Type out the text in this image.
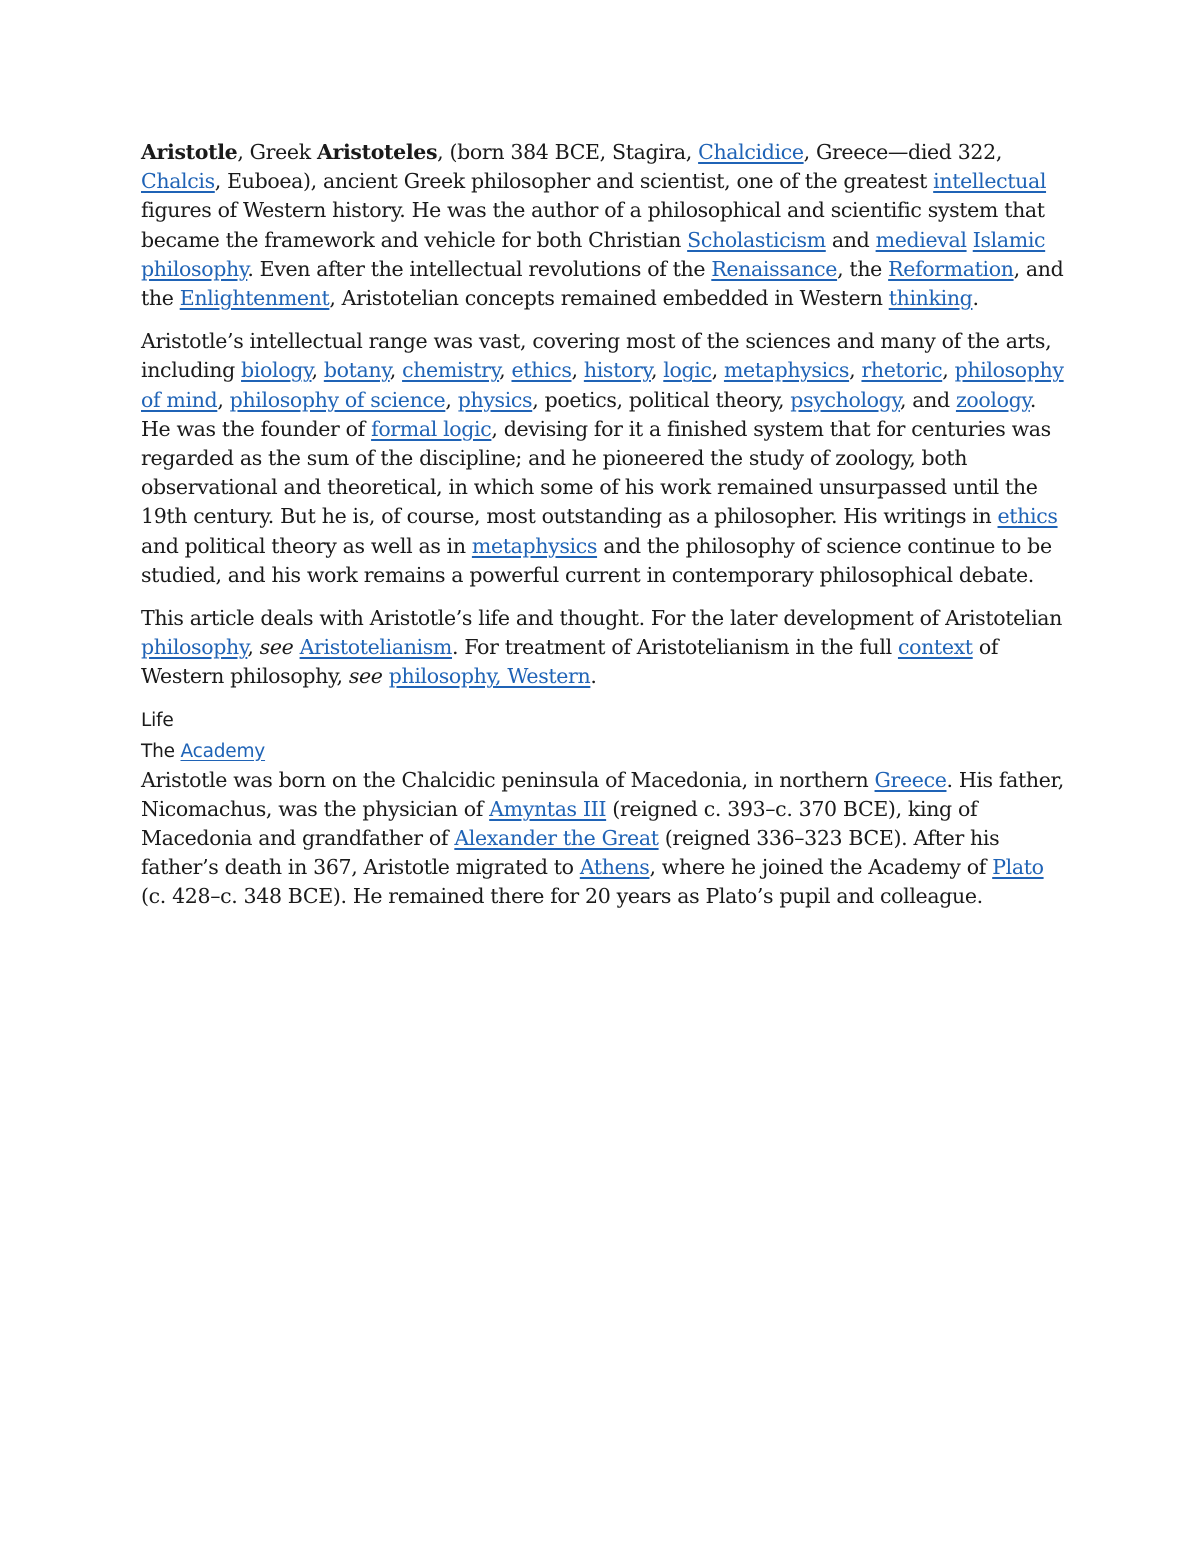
Aristotle, Greek Aristoteles, (born 384 BCE, Stagira, Chalcidice, Greece—died 322, Chalcis, Euboea), ancient Greek philosopher and scientist, one of the greatest intellectual figures of Western history. He was the author of a philosophical and scientific system that became the framework and vehicle for both Christian Scholasticism and medieval Islamic philosophy. Even after the intellectual revolutions of the Renaissance, the Reformation, and the Enlightenment, Aristotelian concepts remained embedded in Western thinking.

Aristotle’s intellectual range was vast, covering most of the sciences and many of the arts, including biology, botany, chemistry, ethics, history, logic, metaphysics, rhetoric, philosophy of mind, philosophy of science, physics, poetics, political theory, psychology, and zoology. He was the founder of formal logic, devising for it a finished system that for centuries was regarded as the sum of the discipline; and he pioneered the study of zoology, both observational and theoretical, in which some of his work remained unsurpassed until the 19th century. But he is, of course, most outstanding as a philosopher. His writings in ethics and political theory as well as in metaphysics and the philosophy of science continue to be studied, and his work remains a powerful current in contemporary philosophical debate.

This article deals with Aristotle’s life and thought. For the later development of Aristotelian philosophy, see Aristotelianism. For treatment of Aristotelianism in the full context of Western philosophy, see philosophy, Western.

Life

The Academy

Aristotle was born on the Chalcidic peninsula of Macedonia, in northern Greece. His father, Nicomachus, was the physician of Amyntas III (reigned c. 393–c. 370 BCE), king of Macedonia and grandfather of Alexander the Great (reigned 336–323 BCE). After his father’s death in 367, Aristotle migrated to Athens, where he joined the Academy of Plato (c. 428–c. 348 BCE). He remained there for 20 years as Plato’s pupil and colleague.
